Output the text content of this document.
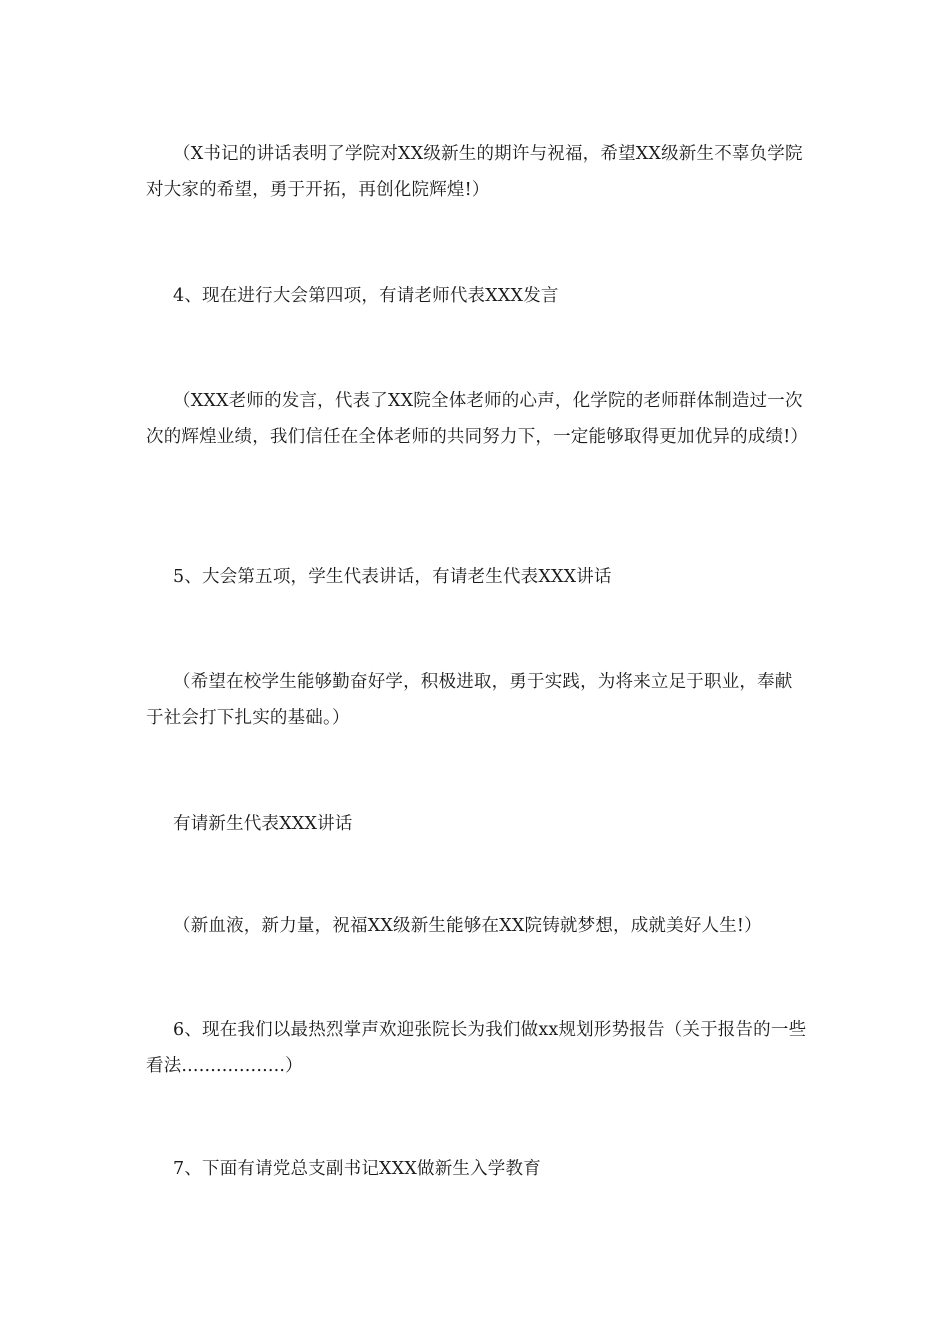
（X书记的讲话表明了学院对XX级新生的期许与祝福，希望XX级新生不辜负学院对大家的希望，勇于开拓，再创化院辉煌!）

4、现在进行大会第四项，有请老师代表XXX发言

（XXX老师的发言，代表了XX院全体老师的心声，化学院的老师群体制造过一次次的辉煌业绩，我们信任在全体老师的共同努力下，一定能够取得更加优异的成绩!）

5、大会第五项，学生代表讲话，有请老生代表XXX讲话

（希望在校学生能够勤奋好学，积极进取，勇于实践，为将来立足于职业，奉献于社会打下扎实的基础。）

有请新生代表XXX讲话

（新血液，新力量，祝福XX级新生能够在XX院铸就梦想，成就美好人生!）

6、现在我们以最热烈掌声欢迎张院长为我们做xx规划形势报告（关于报告的一些看法..................）

7、下面有请党总支副书记XXX做新生入学教育
